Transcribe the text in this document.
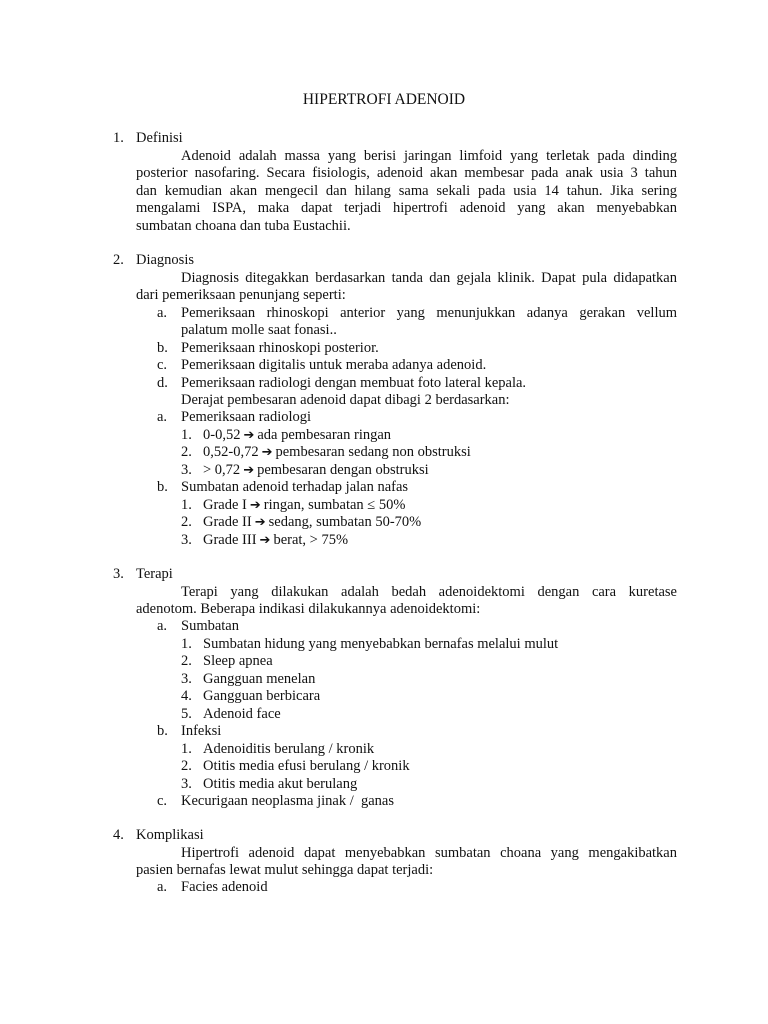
HIPERTROFI ADENOID
1. Definisi
Adenoid adalah massa yang berisi jaringan limfoid yang terletak pada dinding
posterior nasofaring. Secara fisiologis, adenoid akan membesar pada anak usia 3 tahun
dan kemudian akan mengecil dan hilang sama sekali pada usia 14 tahun. Jika sering
mengalami ISPA, maka dapat terjadi hipertrofi adenoid yang akan menyebabkan
sumbatan choana dan tuba Eustachii.
2. Diagnosis
Diagnosis ditegakkan berdasarkan tanda dan gejala klinik. Dapat pula didapatkan
dari pemeriksaan penunjang seperti:
a. Pemeriksaan rhinoskopi anterior yang menunjukkan adanya gerakan vellum
palatum molle saat fonasi..
b. Pemeriksaan rhinoskopi posterior.
c. Pemeriksaan digitalis untuk meraba adanya adenoid.
d. Pemeriksaan radiologi dengan membuat foto lateral kepala.
Derajat pembesaran adenoid dapat dibagi 2 berdasarkan:
a. Pemeriksaan radiologi
1. 0-0,52 ➔ ada pembesaran ringan
2. 0,52-0,72 ➔ pembesaran sedang non obstruksi
3. > 0,72 ➔ pembesaran dengan obstruksi
b. Sumbatan adenoid terhadap jalan nafas
1. Grade I ➔ ringan, sumbatan ≤ 50%
2. Grade II ➔ sedang, sumbatan 50-70%
3. Grade III ➔ berat, > 75%
3. Terapi
Terapi yang dilakukan adalah bedah adenoidektomi dengan cara kuretase
adenotom. Beberapa indikasi dilakukannya adenoidektomi:
a. Sumbatan
1. Sumbatan hidung yang menyebabkan bernafas melalui mulut
2. Sleep apnea
3. Gangguan menelan
4. Gangguan berbicara
5. Adenoid face
b. Infeksi
1. Adenoiditis berulang / kronik
2. Otitis media efusi berulang / kronik
3. Otitis media akut berulang
c. Kecurigaan neoplasma jinak /  ganas
4. Komplikasi
Hipertrofi adenoid dapat menyebabkan sumbatan choana yang mengakibatkan
pasien bernafas lewat mulut sehingga dapat terjadi:
a. Facies adenoid
